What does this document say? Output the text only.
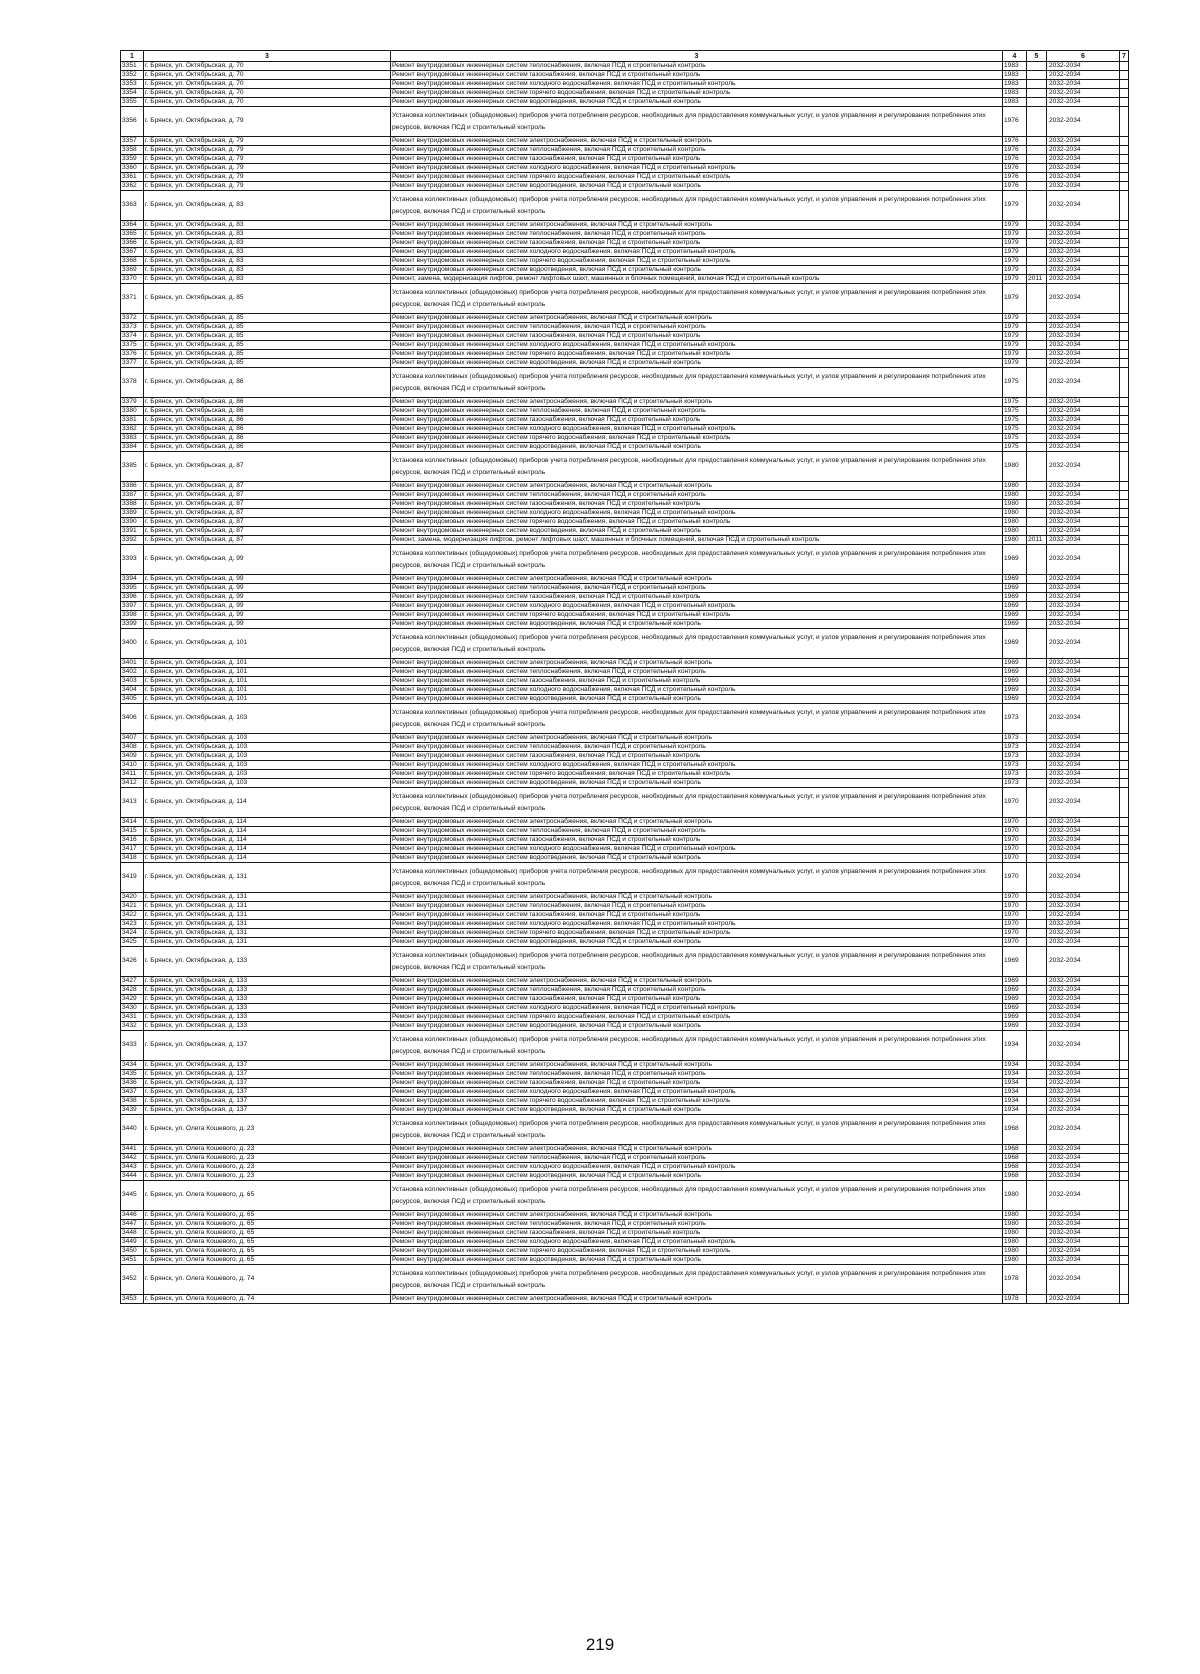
1	3	3	4	5	6	7
3351	г. Брянск, ул. Октябрьская, д. 70	Ремонт внутридомовых инженерных систем теплоснабжения, включая ПСД и строительный контроль	1983		2032-2034	
3352	г. Брянск, ул. Октябрьская, д. 70	Ремонт внутридомовых инженерных систем газоснабжения, включая ПСД и строительный контроль	1983		2032-2034	
3353	г. Брянск, ул. Октябрьская, д. 70	Ремонт внутридомовых инженерных систем холодного водоснабжения, включая ПСД и строительный контроль	1983		2032-2034	
3354	г. Брянск, ул. Октябрьская, д. 70	Ремонт внутридомовых инженерных систем горячего водоснабжения, включая ПСД и строительный контроль	1983		2032-2034	
3355	г. Брянск, ул. Октябрьская, д. 70	Ремонт внутридомовых инженерных систем водоотведения, включая ПСД и строительный контроль	1983		2032-2034	
3356	г. Брянск, ул. Октябрьская, д. 79	Установка коллективных (общедомовых) приборов учета потребления ресурсов, необходимых для предоставления коммунальных услуг, и узлов управления и регулирования потребления этих ресурсов, включая ПСД и строительный контроль	1976		2032-2034	
3357	г. Брянск, ул. Октябрьская, д. 79	Ремонт внутридомовых инженерных систем электроснабжения, включая ПСД и строительный контроль	1976		2032-2034	
3358	г. Брянск, ул. Октябрьская, д. 79	Ремонт внутридомовых инженерных систем теплоснабжения, включая ПСД и строительный контроль	1976		2032-2034	
3359	г. Брянск, ул. Октябрьская, д. 79	Ремонт внутридомовых инженерных систем газоснабжения, включая ПСД и строительный контроль	1976		2032-2034	
3360	г. Брянск, ул. Октябрьская, д. 79	Ремонт внутридомовых инженерных систем холодного водоснабжения, включая ПСД и строительный контроль	1976		2032-2034	
3361	г. Брянск, ул. Октябрьская, д. 79	Ремонт внутридомовых инженерных систем горячего водоснабжения, включая ПСД и строительный контроль	1976		2032-2034	
3362	г. Брянск, ул. Октябрьская, д. 79	Ремонт внутридомовых инженерных систем водоотведения, включая ПСД и строительный контроль	1976		2032-2034	
3363	г. Брянск, ул. Октябрьская, д. 83	Установка коллективных (общедомовых) приборов учета потребления ресурсов, необходимых для предоставления коммунальных услуг, и узлов управления и регулирования потребления этих ресурсов, включая ПСД и строительный контроль	1979		2032-2034	
3364	г. Брянск, ул. Октябрьская, д. 83	Ремонт внутридомовых инженерных систем электроснабжения, включая ПСД и строительный контроль	1979		2032-2034	
3365	г. Брянск, ул. Октябрьская, д. 83	Ремонт внутридомовых инженерных систем теплоснабжения, включая ПСД и строительный контроль	1979		2032-2034	
3366	г. Брянск, ул. Октябрьская, д. 83	Ремонт внутридомовых инженерных систем газоснабжения, включая ПСД и строительный контроль	1979		2032-2034	
3367	г. Брянск, ул. Октябрьская, д. 83	Ремонт внутридомовых инженерных систем холодного водоснабжения, включая ПСД и строительный контроль	1979		2032-2034	
3368	г. Брянск, ул. Октябрьская, д. 83	Ремонт внутридомовых инженерных систем горячего водоснабжения, включая ПСД и строительный контроль	1979		2032-2034	
3369	г. Брянск, ул. Октябрьская, д. 83	Ремонт внутридомовых инженерных систем водоотведения, включая ПСД и строительный контроль	1979		2032-2034	
3370	г. Брянск, ул. Октябрьская, д. 83	Ремонт, замена, модернизация лифтов, ремонт лифтовых шахт, машинных и блочных помещений, включая ПСД и строительный контроль	1979	2011	2032-2034	
3371	г. Брянск, ул. Октябрьская, д. 85	Установка коллективных (общедомовых) приборов учета потребления ресурсов, необходимых для предоставления коммунальных услуг, и узлов управления и регулирования потребления этих ресурсов, включая ПСД и строительный контроль	1979		2032-2034	
3372	г. Брянск, ул. Октябрьская, д. 85	Ремонт внутридомовых инженерных систем электроснабжения, включая ПСД и строительный контроль	1979		2032-2034	
3373	г. Брянск, ул. Октябрьская, д. 85	Ремонт внутридомовых инженерных систем теплоснабжения, включая ПСД и строительный контроль	1979		2032-2034	
3374	г. Брянск, ул. Октябрьская, д. 85	Ремонт внутридомовых инженерных систем газоснабжения, включая ПСД и строительный контроль	1979		2032-2034	
3375	г. Брянск, ул. Октябрьская, д. 85	Ремонт внутридомовых инженерных систем холодного водоснабжения, включая ПСД и строительный контроль	1979		2032-2034	
3376	г. Брянск, ул. Октябрьская, д. 85	Ремонт внутридомовых инженерных систем горячего водоснабжения, включая ПСД и строительный контроль	1979		2032-2034	
3377	г. Брянск, ул. Октябрьская, д. 85	Ремонт внутридомовых инженерных систем водоотведения, включая ПСД и строительный контроль	1979		2032-2034	
3378	г. Брянск, ул. Октябрьская, д. 86	Установка коллективных (общедомовых) приборов учета потребления ресурсов, необходимых для предоставления коммунальных услуг, и узлов управления и регулирования потребления этих ресурсов, включая ПСД и строительный контроль	1975		2032-2034	
3379	г. Брянск, ул. Октябрьская, д. 86	Ремонт внутридомовых инженерных систем электроснабжения, включая ПСД и строительный контроль	1975		2032-2034	
3380	г. Брянск, ул. Октябрьская, д. 86	Ремонт внутридомовых инженерных систем теплоснабжения, включая ПСД и строительный контроль	1975		2032-2034	
3381	г. Брянск, ул. Октябрьская, д. 86	Ремонт внутридомовых инженерных систем газоснабжения, включая ПСД и строительный контроль	1975		2032-2034	
3382	г. Брянск, ул. Октябрьская, д. 86	Ремонт внутридомовых инженерных систем холодного водоснабжения, включая ПСД и строительный контроль	1975		2032-2034	
3383	г. Брянск, ул. Октябрьская, д. 86	Ремонт внутридомовых инженерных систем горячего водоснабжения, включая ПСД и строительный контроль	1975		2032-2034	
3384	г. Брянск, ул. Октябрьская, д. 86	Ремонт внутридомовых инженерных систем водоотведения, включая ПСД и строительный контроль	1975		2032-2034	
3385	г. Брянск, ул. Октябрьская, д. 87	Установка коллективных (общедомовых) приборов учета потребления ресурсов, необходимых для предоставления коммунальных услуг, и узлов управления и регулирования потребления этих ресурсов, включая ПСД и строительный контроль	1980		2032-2034	
3386	г. Брянск, ул. Октябрьская, д. 87	Ремонт внутридомовых инженерных систем электроснабжения, включая ПСД и строительный контроль	1980		2032-2034	
3387	г. Брянск, ул. Октябрьская, д. 87	Ремонт внутридомовых инженерных систем теплоснабжения, включая ПСД и строительный контроль	1980		2032-2034	
3388	г. Брянск, ул. Октябрьская, д. 87	Ремонт внутридомовых инженерных систем газоснабжения, включая ПСД и строительный контроль	1980		2032-2034	
3389	г. Брянск, ул. Октябрьская, д. 87	Ремонт внутридомовых инженерных систем холодного водоснабжения, включая ПСД и строительный контроль	1980		2032-2034	
3390	г. Брянск, ул. Октябрьская, д. 87	Ремонт внутридомовых инженерных систем горячего водоснабжения, включая ПСД и строительный контроль	1980		2032-2034	
3391	г. Брянск, ул. Октябрьская, д. 87	Ремонт внутридомовых инженерных систем водоотведения, включая ПСД и строительный контроль	1980		2032-2034	
3392	г. Брянск, ул. Октябрьская, д. 87	Ремонт, замена, модернизация лифтов, ремонт лифтовых шахт, машинных и блочных помещений, включая ПСД и строительный контроль	1980	2011	2032-2034	
3393	г. Брянск, ул. Октябрьская, д. 99	Установка коллективных (общедомовых) приборов учета потребления ресурсов, необходимых для предоставления коммунальных услуг, и узлов управления и регулирования потребления этих ресурсов, включая ПСД и строительный контроль	1969		2032-2034	
3394	г. Брянск, ул. Октябрьская, д. 99	Ремонт внутридомовых инженерных систем электроснабжения, включая ПСД и строительный контроль	1969		2032-2034	
3395	г. Брянск, ул. Октябрьская, д. 99	Ремонт внутридомовых инженерных систем теплоснабжения, включая ПСД и строительный контроль	1969		2032-2034	
3396	г. Брянск, ул. Октябрьская, д. 99	Ремонт внутридомовых инженерных систем газоснабжения, включая ПСД и строительный контроль	1969		2032-2034	
3397	г. Брянск, ул. Октябрьская, д. 99	Ремонт внутридомовых инженерных систем холодного водоснабжения, включая ПСД и строительный контроль	1969		2032-2034	
3398	г. Брянск, ул. Октябрьская, д. 99	Ремонт внутридомовых инженерных систем горячего водоснабжения, включая ПСД и строительный контроль	1969		2032-2034	
3399	г. Брянск, ул. Октябрьская, д. 99	Ремонт внутридомовых инженерных систем водоотведения, включая ПСД и строительный контроль	1969		2032-2034	
3400	г. Брянск, ул. Октябрьская, д. 101	Установка коллективных (общедомовых) приборов учета потребления ресурсов, необходимых для предоставления коммунальных услуг, и узлов управления и регулирования потребления этих ресурсов, включая ПСД и строительный контроль	1969		2032-2034	
3401	г. Брянск, ул. Октябрьская, д. 101	Ремонт внутридомовых инженерных систем электроснабжения, включая ПСД и строительный контроль	1969		2032-2034	
3402	г. Брянск, ул. Октябрьская, д. 101	Ремонт внутридомовых инженерных систем теплоснабжения, включая ПСД и строительный контроль	1969		2032-2034	
3403	г. Брянск, ул. Октябрьская, д. 101	Ремонт внутридомовых инженерных систем газоснабжения, включая ПСД и строительный контроль	1969		2032-2034	
3404	г. Брянск, ул. Октябрьская, д. 101	Ремонт внутридомовых инженерных систем холодного водоснабжения, включая ПСД и строительный контроль	1969		2032-2034	
3405	г. Брянск, ул. Октябрьская, д. 101	Ремонт внутридомовых инженерных систем водоотведения, включая ПСД и строительный контроль	1969		2032-2034	
3406	г. Брянск, ул. Октябрьская, д. 103	Установка коллективных (общедомовых) приборов учета потребления ресурсов, необходимых для предоставления коммунальных услуг, и узлов управления и регулирования потребления этих ресурсов, включая ПСД и строительный контроль	1973		2032-2034	
3407	г. Брянск, ул. Октябрьская, д. 103	Ремонт внутридомовых инженерных систем электроснабжения, включая ПСД и строительный контроль	1973		2032-2034	
3408	г. Брянск, ул. Октябрьская, д. 103	Ремонт внутридомовых инженерных систем теплоснабжения, включая ПСД и строительный контроль	1973		2032-2034	
3409	г. Брянск, ул. Октябрьская, д. 103	Ремонт внутридомовых инженерных систем газоснабжения, включая ПСД и строительный контроль	1973		2032-2034	
3410	г. Брянск, ул. Октябрьская, д. 103	Ремонт внутридомовых инженерных систем холодного водоснабжения, включая ПСД и строительный контроль	1973		2032-2034	
3411	г. Брянск, ул. Октябрьская, д. 103	Ремонт внутридомовых инженерных систем горячего водоснабжения, включая ПСД и строительный контроль	1973		2032-2034	
3412	г. Брянск, ул. Октябрьская, д. 103	Ремонт внутридомовых инженерных систем водоотведения, включая ПСД и строительный контроль	1973		2032-2034	
3413	г. Брянск, ул. Октябрьская, д. 114	Установка коллективных (общедомовых) приборов учета потребления ресурсов, необходимых для предоставления коммунальных услуг, и узлов управления и регулирования потребления этих ресурсов, включая ПСД и строительный контроль	1970		2032-2034	
3414	г. Брянск, ул. Октябрьская, д. 114	Ремонт внутридомовых инженерных систем электроснабжения, включая ПСД и строительный контроль	1970		2032-2034	
3415	г. Брянск, ул. Октябрьская, д. 114	Ремонт внутридомовых инженерных систем теплоснабжения, включая ПСД и строительный контроль	1970		2032-2034	
3416	г. Брянск, ул. Октябрьская, д. 114	Ремонт внутридомовых инженерных систем газоснабжения, включая ПСД и строительный контроль	1970		2032-2034	
3417	г. Брянск, ул. Октябрьская, д. 114	Ремонт внутридомовых инженерных систем холодного водоснабжения, включая ПСД и строительный контроль	1970		2032-2034	
3418	г. Брянск, ул. Октябрьская, д. 114	Ремонт внутридомовых инженерных систем водоотведения, включая ПСД и строительный контроль	1970		2032-2034	
3419	г. Брянск, ул. Октябрьская, д. 131	Установка коллективных (общедомовых) приборов учета потребления ресурсов, необходимых для предоставления коммунальных услуг, и узлов управления и регулирования потребления этих ресурсов, включая ПСД и строительный контроль	1970		2032-2034	
3420	г. Брянск, ул. Октябрьская, д. 131	Ремонт внутридомовых инженерных систем электроснабжения, включая ПСД и строительный контроль	1970		2032-2034	
3421	г. Брянск, ул. Октябрьская, д. 131	Ремонт внутридомовых инженерных систем теплоснабжения, включая ПСД и строительный контроль	1970		2032-2034	
3422	г. Брянск, ул. Октябрьская, д. 131	Ремонт внутридомовых инженерных систем газоснабжения, включая ПСД и строительный контроль	1970		2032-2034	
3423	г. Брянск, ул. Октябрьская, д. 131	Ремонт внутридомовых инженерных систем холодного водоснабжения, включая ПСД и строительный контроль	1970		2032-2034	
3424	г. Брянск, ул. Октябрьская, д. 131	Ремонт внутридомовых инженерных систем горячего водоснабжения, включая ПСД и строительный контроль	1970		2032-2034	
3425	г. Брянск, ул. Октябрьская, д. 131	Ремонт внутридомовых инженерных систем водоотведения, включая ПСД и строительный контроль	1970		2032-2034	
3426	г. Брянск, ул. Октябрьская, д. 133	Установка коллективных (общедомовых) приборов учета потребления ресурсов, необходимых для предоставления коммунальных услуг, и узлов управления и регулирования потребления этих ресурсов, включая ПСД и строительный контроль	1969		2032-2034	
3427	г. Брянск, ул. Октябрьская, д. 133	Ремонт внутридомовых инженерных систем электроснабжения, включая ПСД и строительный контроль	1969		2032-2034	
3428	г. Брянск, ул. Октябрьская, д. 133	Ремонт внутридомовых инженерных систем теплоснабжения, включая ПСД и строительный контроль	1969		2032-2034	
3429	г. Брянск, ул. Октябрьская, д. 133	Ремонт внутридомовых инженерных систем газоснабжения, включая ПСД и строительный контроль	1969		2032-2034	
3430	г. Брянск, ул. Октябрьская, д. 133	Ремонт внутридомовых инженерных систем холодного водоснабжения, включая ПСД и строительный контроль	1969		2032-2034	
3431	г. Брянск, ул. Октябрьская, д. 133	Ремонт внутридомовых инженерных систем горячего водоснабжения, включая ПСД и строительный контроль	1969		2032-2034	
3432	г. Брянск, ул. Октябрьская, д. 133	Ремонт внутридомовых инженерных систем водоотведения, включая ПСД и строительный контроль	1969		2032-2034	
3433	г. Брянск, ул. Октябрьская, д. 137	Установка коллективных (общедомовых) приборов учета потребления ресурсов, необходимых для предоставления коммунальных услуг, и узлов управления и регулирования потребления этих ресурсов, включая ПСД и строительный контроль	1934		2032-2034	
3434	г. Брянск, ул. Октябрьская, д. 137	Ремонт внутридомовых инженерных систем электроснабжения, включая ПСД и строительный контроль	1934		2032-2034	
3435	г. Брянск, ул. Октябрьская, д. 137	Ремонт внутридомовых инженерных систем теплоснабжения, включая ПСД и строительный контроль	1934		2032-2034	
3436	г. Брянск, ул. Октябрьская, д. 137	Ремонт внутридомовых инженерных систем газоснабжения, включая ПСД и строительный контроль	1934		2032-2034	
3437	г. Брянск, ул. Октябрьская, д. 137	Ремонт внутридомовых инженерных систем холодного водоснабжения, включая ПСД и строительный контроль	1934		2032-2034	
3438	г. Брянск, ул. Октябрьская, д. 137	Ремонт внутридомовых инженерных систем горячего водоснабжения, включая ПСД и строительный контроль	1934		2032-2034	
3439	г. Брянск, ул. Октябрьская, д. 137	Ремонт внутридомовых инженерных систем водоотведения, включая ПСД и строительный контроль	1934		2032-2034	
3440	г. Брянск, ул. Олега Кошевого, д. 23	Установка коллективных (общедомовых) приборов учета потребления ресурсов, необходимых для предоставления коммунальных услуг, и узлов управления и регулирования потребления этих ресурсов, включая ПСД и строительный контроль	1968		2032-2034	
3441	г. Брянск, ул. Олега Кошевого, д. 23	Ремонт внутридомовых инженерных систем электроснабжения, включая ПСД и строительный контроль	1968		2032-2034	
3442	г. Брянск, ул. Олега Кошевого, д. 23	Ремонт внутридомовых инженерных систем теплоснабжения, включая ПСД и строительный контроль	1968		2032-2034	
3443	г. Брянск, ул. Олега Кошевого, д. 23	Ремонт внутридомовых инженерных систем холодного водоснабжения, включая ПСД и строительный контроль	1968		2032-2034	
3444	г. Брянск, ул. Олега Кошевого, д. 23	Ремонт внутридомовых инженерных систем водоотведения, включая ПСД и строительный контроль	1968		2032-2034	
3445	г. Брянск, ул. Олега Кошевого, д. 65	Установка коллективных (общедомовых) приборов учета потребления ресурсов, необходимых для предоставления коммунальных услуг, и узлов управления и регулирования потребления этих ресурсов, включая ПСД и строительный контроль	1980		2032-2034	
3446	г. Брянск, ул. Олега Кошевого, д. 65	Ремонт внутридомовых инженерных систем электроснабжения, включая ПСД и строительный контроль	1980		2032-2034	
3447	г. Брянск, ул. Олега Кошевого, д. 65	Ремонт внутридомовых инженерных систем теплоснабжения, включая ПСД и строительный контроль	1980		2032-2034	
3448	г. Брянск, ул. Олега Кошевого, д. 65	Ремонт внутридомовых инженерных систем газоснабжения, включая ПСД и строительный контроль	1980		2032-2034	
3449	г. Брянск, ул. Олега Кошевого, д. 65	Ремонт внутридомовых инженерных систем холодного водоснабжения, включая ПСД и строительный контроль	1980		2032-2034	
3450	г. Брянск, ул. Олега Кошевого, д. 65	Ремонт внутридомовых инженерных систем горячего водоснабжения, включая ПСД и строительный контроль	1980		2032-2034	
3451	г. Брянск, ул. Олега Кошевого, д. 65	Ремонт внутридомовых инженерных систем водоотведения, включая ПСД и строительный контроль	1980		2032-2034	
3452	г. Брянск, ул. Олега Кошевого, д. 74	Установка коллективных (общедомовых) приборов учета потребления ресурсов, необходимых для предоставления коммунальных услуг, и узлов управления и регулирования потребления этих ресурсов, включая ПСД и строительный контроль	1978		2032-2034	
3453	г. Брянск, ул. Олега Кошевого, д. 74	Ремонт внутридомовых инженерных систем электроснабжения, включая ПСД и строительный контроль	1978		2032-2034	
219
